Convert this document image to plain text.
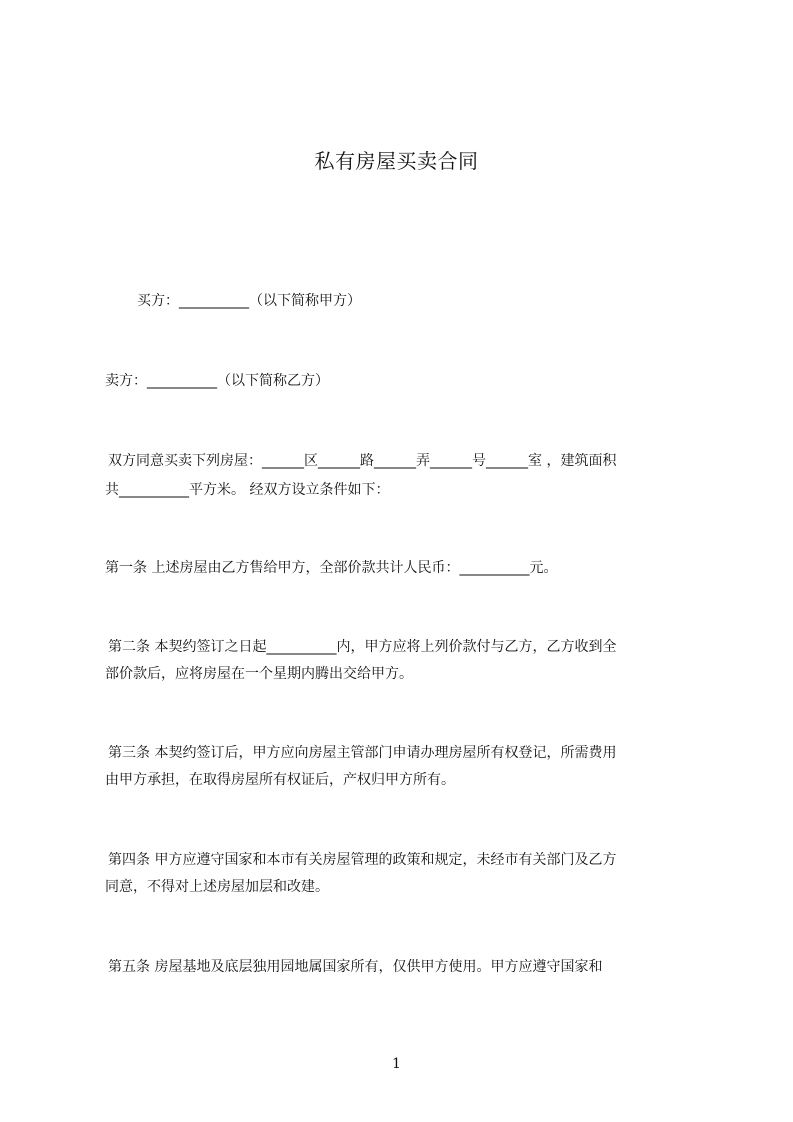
私有房屋买卖合同
买方：__________（以下简称甲方）
卖方：__________（以下简称乙方）
双方同意买卖下列房屋：______区______路______弄______号______室 ，建筑面积
共__________平方米。 经双方设立条件如下：
第一条 上述房屋由乙方售给甲方，全部价款共计人民币：__________元。
第二条 本契约签订之日起__________内，甲方应将上列价款付与乙方，乙方收到全
部价款后，应将房屋在一个星期内腾出交给甲方。
第三条 本契约签订后，甲方应向房屋主管部门申请办理房屋所有权登记，所需费用
由甲方承担，在取得房屋所有权证后，产权归甲方所有。
第四条 甲方应遵守国家和本市有关房屋管理的政策和规定，未经市有关部门及乙方
同意，不得对上述房屋加层和改建。
第五条 房屋基地及底层独用园地属国家所有，仅供甲方使用。甲方应遵守国家和
1
